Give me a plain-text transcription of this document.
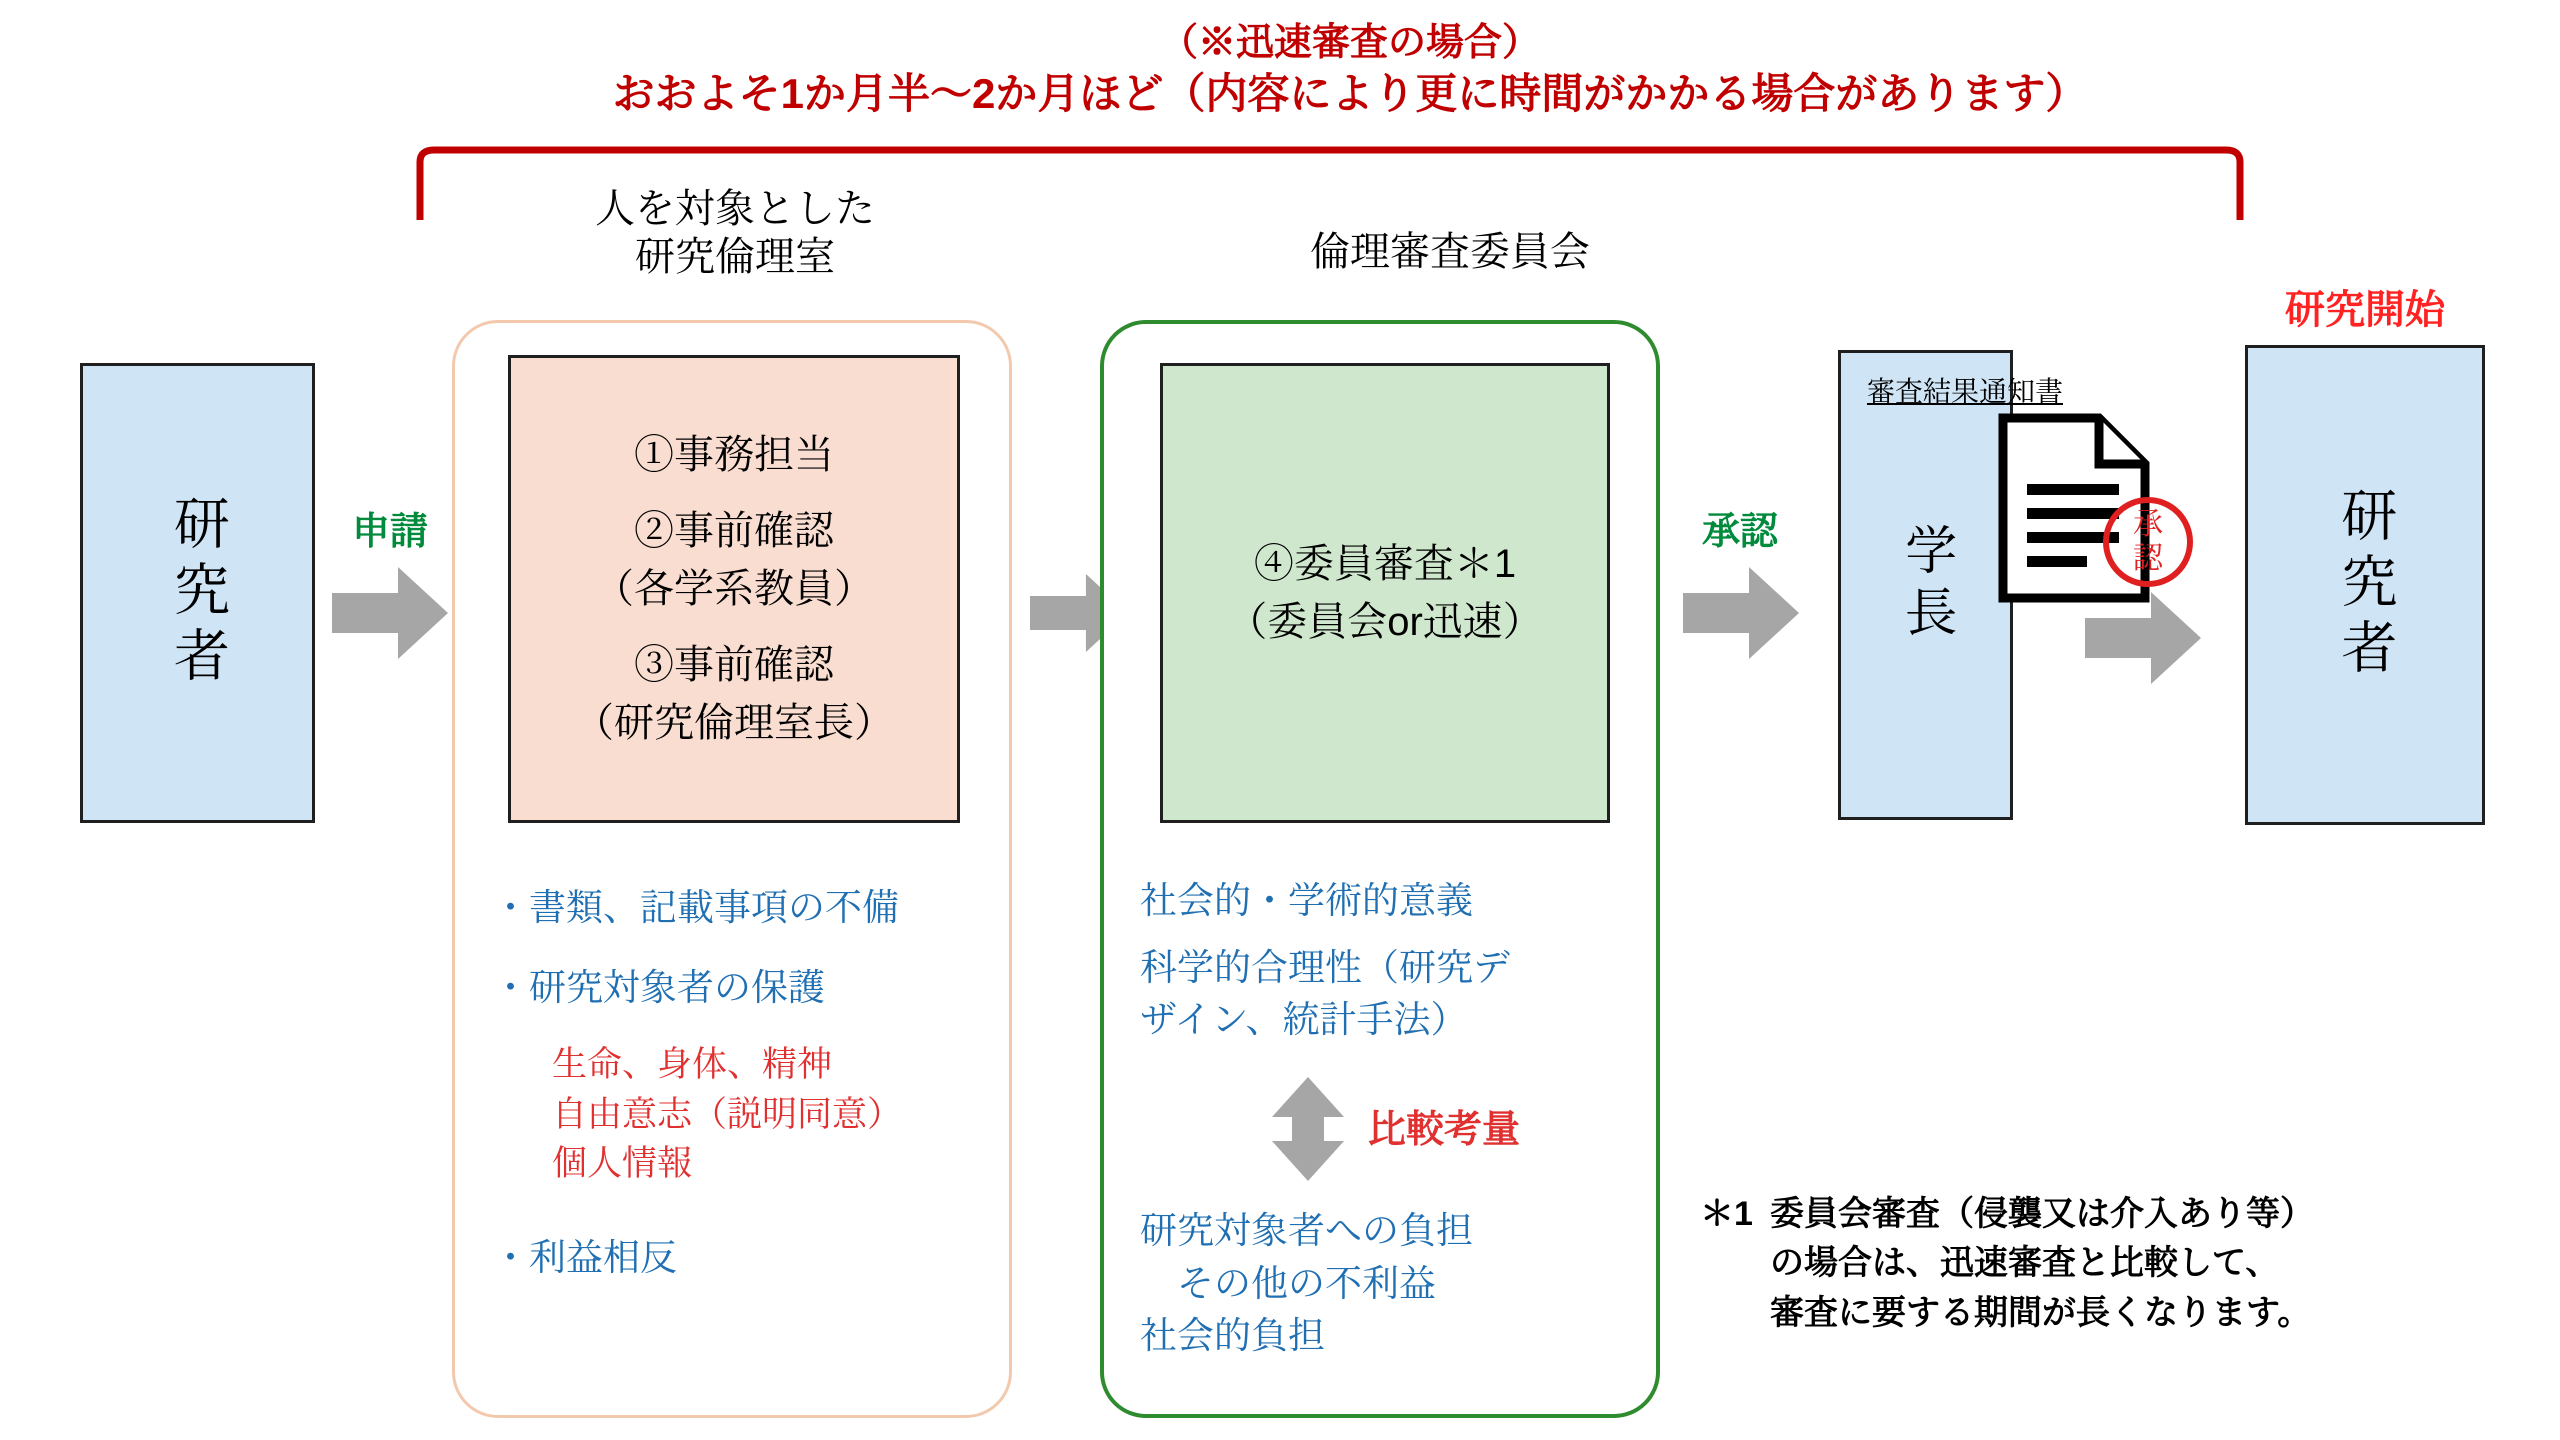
（※迅速審査の場合）
おおよそ1か月半〜2か月ほど（内容により更に時間がかかる場合があります）
人を対象とした
研究倫理室	倫理審査委員会
研究開始
研究者	申請
①事務担当
②事前確認
（各学系教員）
③事前確認
（研究倫理室長）
・書類、記載事項の不備
・研究対象者の保護
生命、身体、精神
自由意志（説明同意）
個人情報
・利益相反
④委員審査＊1
（委員会or迅速）
社会的・学術的意義
科学的合理性（研究デ
ザイン、統計手法）
比較考量
研究対象者への負担
　その他の不利益
社会的負担
承認	学長
審査結果通知書
承
認	研究者
＊1 委員会審査（侵襲又は介入あり等）
の場合は、迅速審査と比較して、
審査に要する期間が長くなります。
